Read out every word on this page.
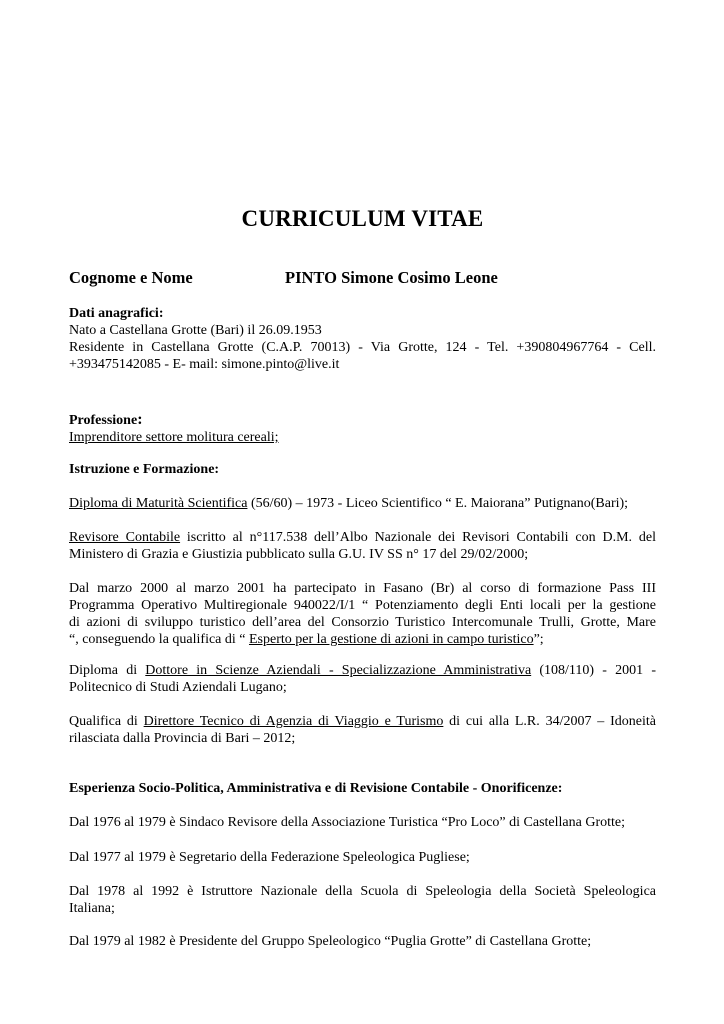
CURRICULUM VITAE
Cognome e Nome	PINTO Simone Cosimo Leone
Dati anagrafici:
Nato a Castellana Grotte (Bari) il 26.09.1953
Residente in Castellana Grotte (C.A.P. 70013) - Via Grotte, 124 - Tel. +390804967764 - Cell.
+393475142085 - E- mail: simone.pinto@live.it
Professione:
Imprenditore settore molitura cereali;
Istruzione e Formazione:
Diploma di Maturità Scientifica (56/60) – 1973 - Liceo Scientifico “ E. Maiorana” Putignano(Bari);
Revisore Contabile iscritto al n°117.538 dell’Albo Nazionale dei Revisori Contabili con D.M. del
Ministero di Grazia e Giustizia pubblicato sulla G.U. IV SS n° 17 del 29/02/2000;
Dal marzo 2000 al marzo 2001 ha partecipato in Fasano (Br) al corso di formazione Pass III
Programma Operativo Multiregionale 940022/I/1 “ Potenziamento degli Enti locali per la gestione
di azioni di sviluppo turistico dell’area del Consorzio Turistico Intercomunale Trulli, Grotte, Mare
“, conseguendo la qualifica di “ Esperto per la gestione di azioni in campo turistico”;
Diploma di Dottore in Scienze Aziendali - Specializzazione Amministrativa (108/110) - 2001 -
Politecnico di Studi Aziendali Lugano;
Qualifica di Direttore Tecnico di Agenzia di Viaggio e Turismo di cui alla L.R. 34/2007 – Idoneità
rilasciata dalla Provincia di Bari – 2012;
Esperienza Socio-Politica, Amministrativa e di Revisione Contabile - Onorificenze:
Dal 1976 al 1979 è Sindaco Revisore della Associazione Turistica “Pro Loco” di Castellana Grotte;
Dal 1977 al 1979 è Segretario della Federazione Speleologica Pugliese;
Dal 1978 al 1992 è Istruttore Nazionale della Scuola di Speleologia della Società Speleologica
Italiana;
Dal 1979 al 1982 è Presidente del Gruppo Speleologico “Puglia Grotte” di Castellana Grotte;
